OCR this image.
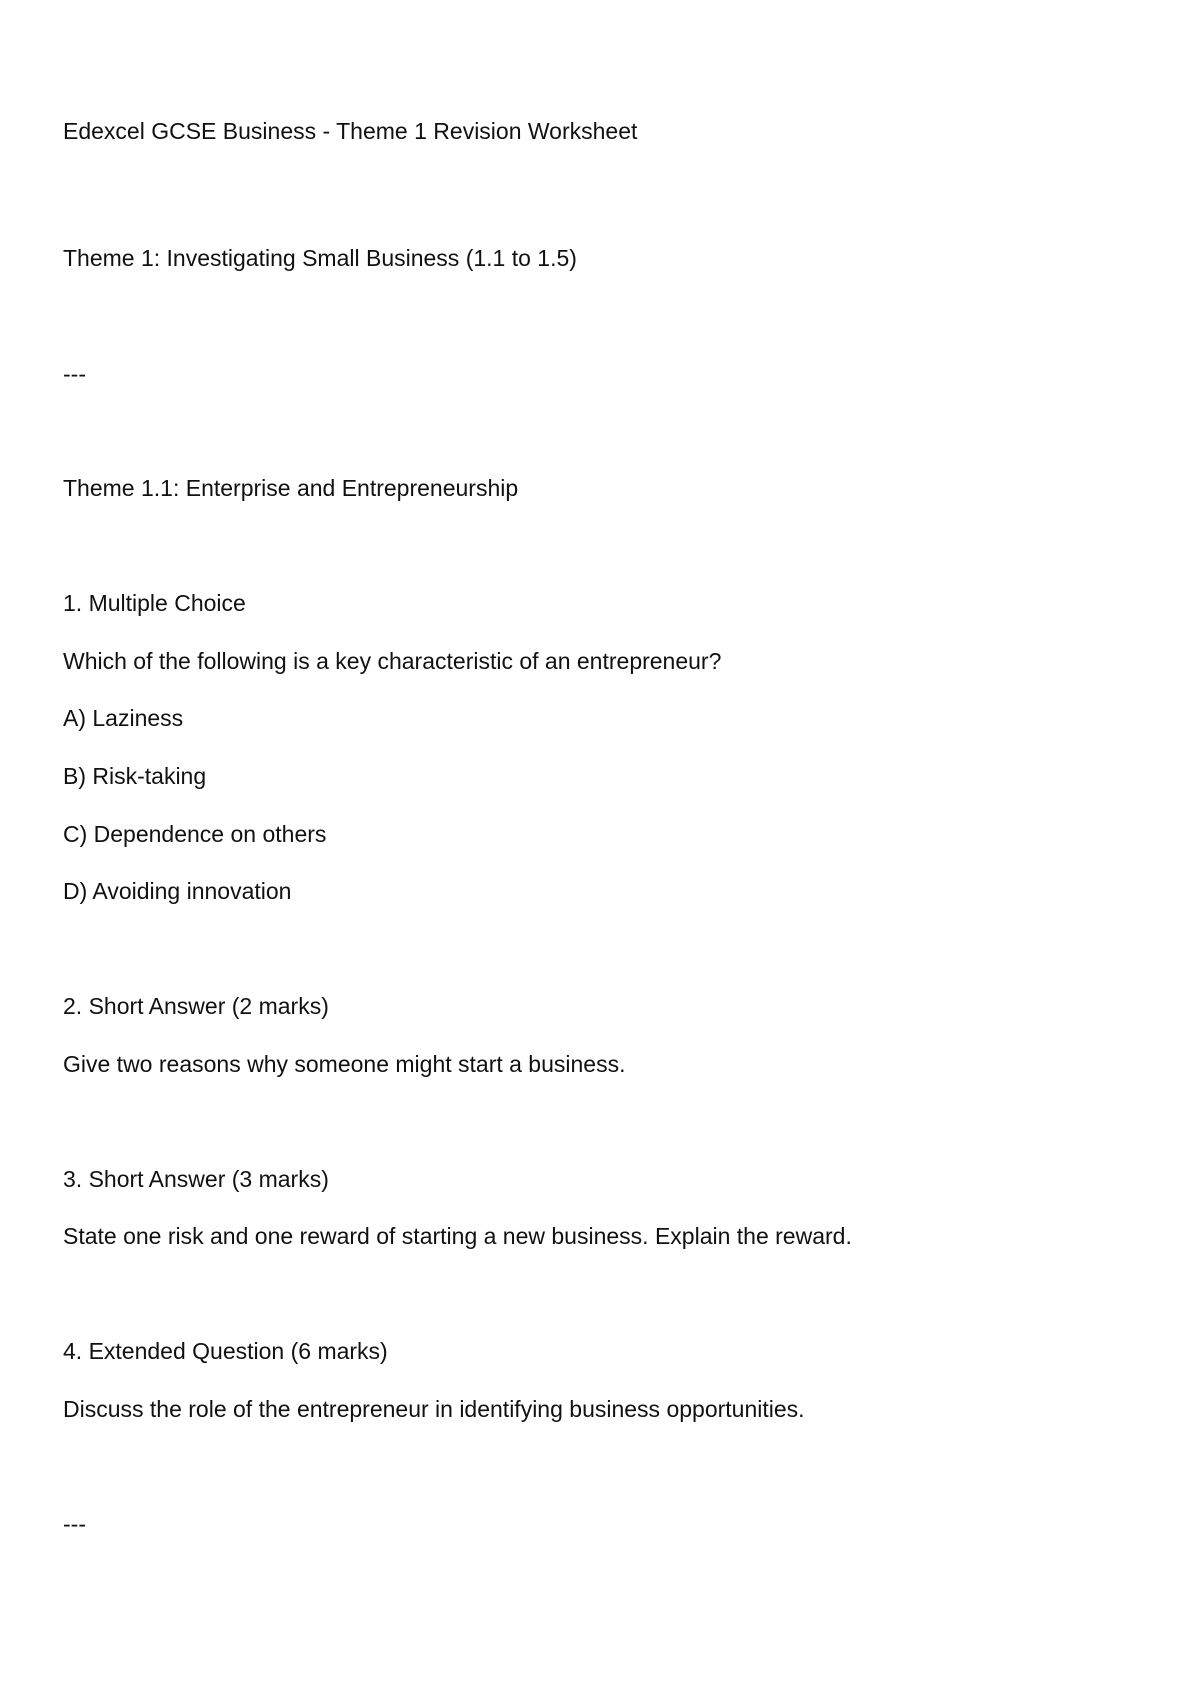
Edexcel GCSE Business - Theme 1 Revision Worksheet
Theme 1: Investigating Small Business (1.1 to 1.5)
---
Theme 1.1: Enterprise and Entrepreneurship
1. Multiple Choice
Which of the following is a key characteristic of an entrepreneur?
A) Laziness
B) Risk-taking
C) Dependence on others
D) Avoiding innovation
2. Short Answer (2 marks)
Give two reasons why someone might start a business.
3. Short Answer (3 marks)
State one risk and one reward of starting a new business. Explain the reward.
4. Extended Question (6 marks)
Discuss the role of the entrepreneur in identifying business opportunities.
---
